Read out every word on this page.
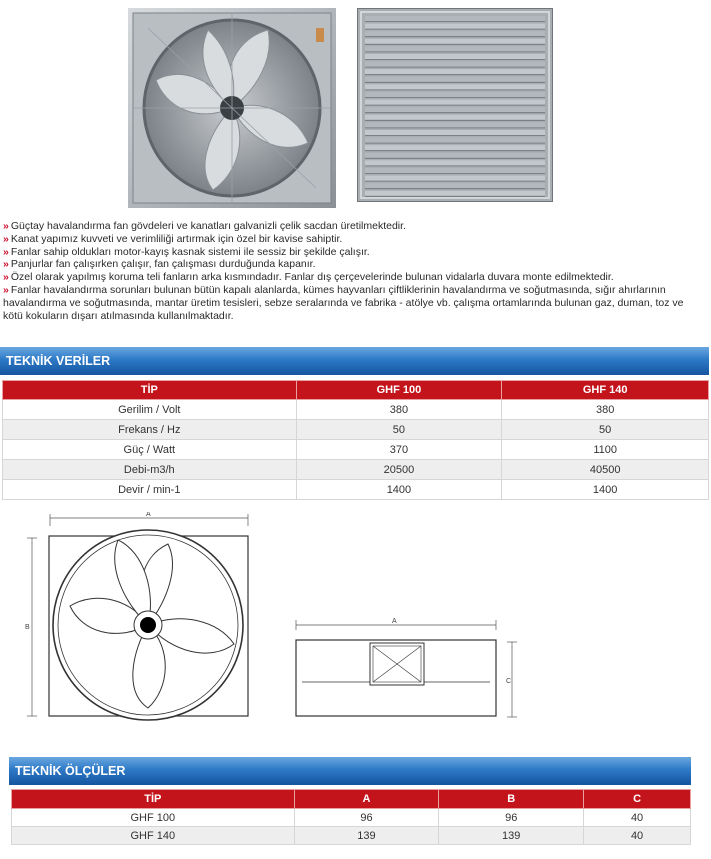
» Güçtay havalandırma fan gövdeleri ve kanatları galvanizli çelik sacdan üretilmektedir.
» Kanat yapımız kuvveti ve verimliliği artırmak için özel bir kavise sahiptir.
» Fanlar sahip oldukları motor-kayış kasnak sistemi ile sessiz bir şekilde çalışır.
» Panjurlar fan çalışırken çalışır, fan çalışması durduğunda kapanır.
» Özel olarak yapılmış koruma teli fanların arka kısmındadır. Fanlar dış çerçevelerinde bulunan vidalarla duvara monte edilmektedir.
» Fanlar havalandırma sorunları bulunan bütün kapalı alanlarda, kümes hayvanları çiftliklerinin havalandırma ve soğutmasında, sığır ahırlarının havalandırma ve soğutmasında, mantar üretim tesisleri, sebze seralarında ve fabrika - atölye vb. çalışma ortamlarında bulunan gaz, duman, toz ve kötü kokuların dışarı atılmasında kullanılmaktadır.
TEKNİK VERİLER
TİP	GHF 100	GHF 140
Gerilim / Volt	380	380
Frekans / Hz	50	50
Güç / Watt	370	1100
Debi-m3/h	20500	40500
Devir / min-1	1400	1400
A
B
A
C
TEKNİK ÖLÇÜLER
TİP	A	B	C
GHF 100	96	96	40
GHF 140	139	139	40
